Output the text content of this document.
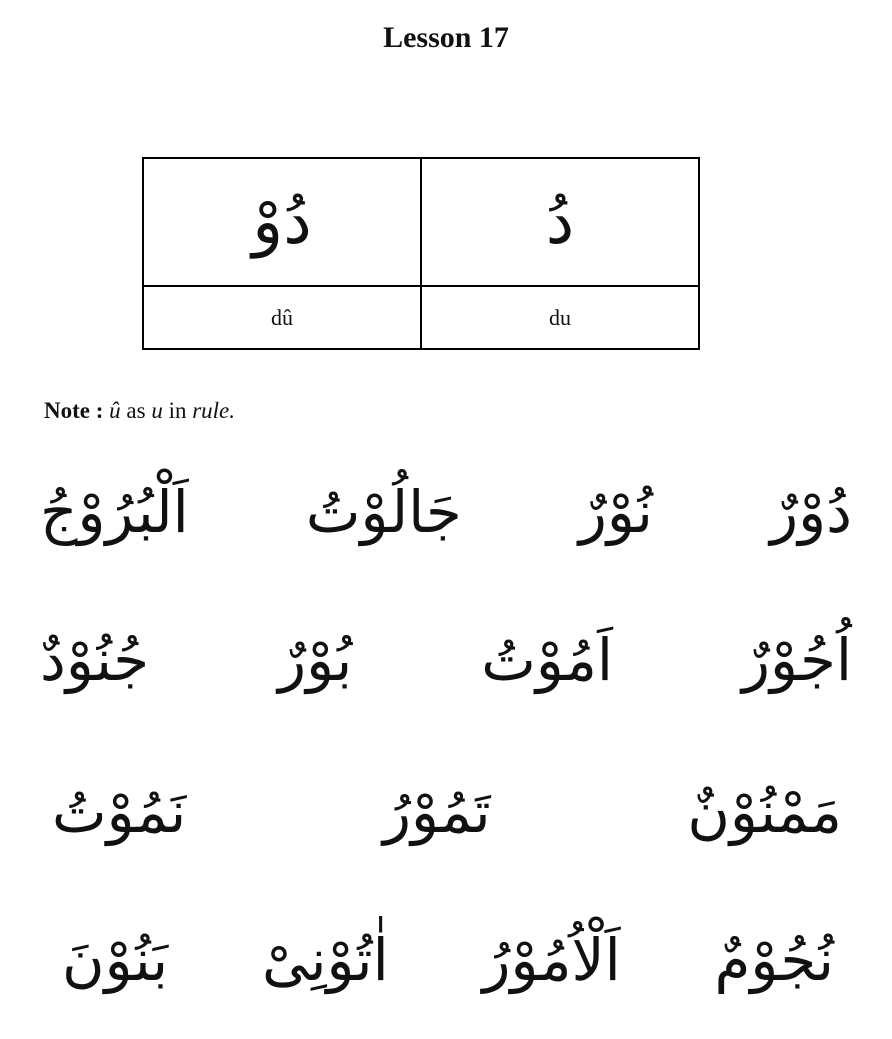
Lesson 17
دُوْ	دُ
dû	du
Note : û as u in rule.
دُوْرٌ
نُوْرٌ
جَالُوْتُ
اَلْبُرُوْجُ
اُجُوْرٌ
اَمُوْتُ
بُوْرٌ
جُنُوْدٌ
مَمْنُوْنٌ
تَمُوْرُ
نَمُوْتُ
نُجُوْمٌ
اَلْاُمُوْرُ
اٰتُوْنِىْ
بَنُوْنَ
